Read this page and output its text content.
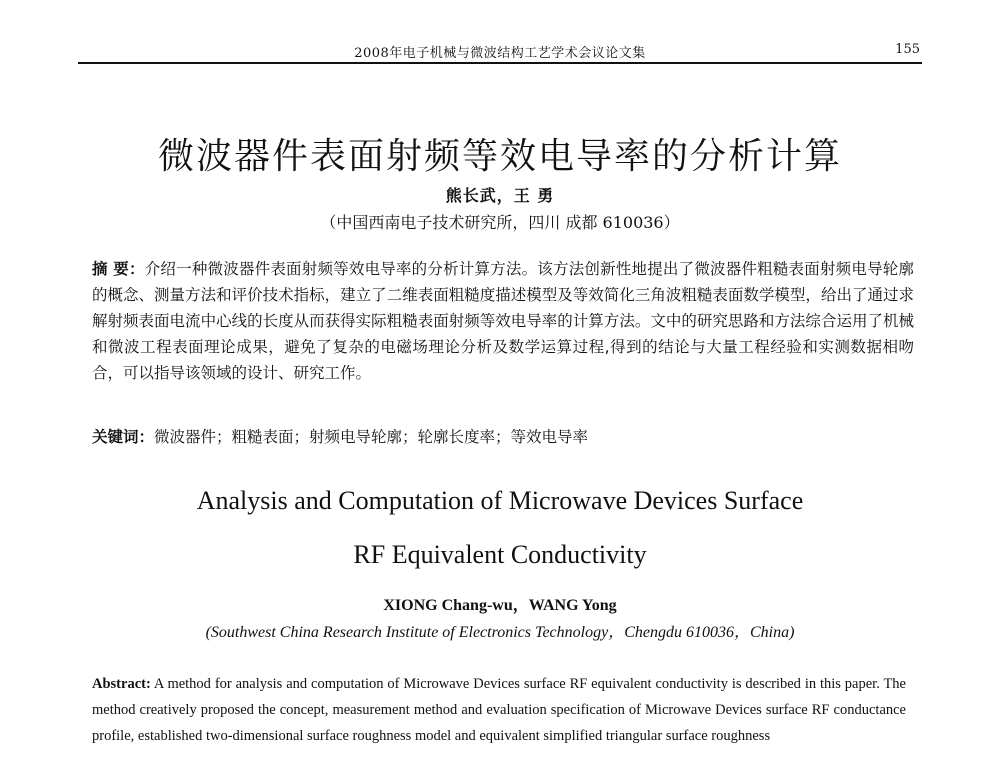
2008年电子机械与微波结构工艺学术会议论文集	155
微波器件表面射频等效电导率的分析计算
熊长武，王 勇
（中国西南电子技术研究所，四川 成都 610036）
摘 要：介绍一种微波器件表面射频等效电导率的分析计算方法。该方法创新性地提出了微波器件粗糙表面射频电导轮廓的概念、测量方法和评价技术指标，建立了二维表面粗糙度描述模型及等效简化三角波粗糙表面数学模型，给出了通过求解射频表面电流中心线的长度从而获得实际粗糙表面射频等效电导率的计算方法。文中的研究思路和方法综合运用了机械和微波工程表面理论成果，避免了复杂的电磁场理论分析及数学运算过程,得到的结论与大量工程经验和实测数据相吻合，可以指导该领域的设计、研究工作。
关键词：微波器件；粗糙表面；射频电导轮廓；轮廓长度率；等效电导率
Analysis and Computation of Microwave Devices Surface
RF Equivalent Conductivity
XIONG Chang-wu，WANG Yong
(Southwest China Research Institute of Electronics Technology，Chengdu 610036，China)
Abstract: A method for analysis and computation of Microwave Devices surface RF equivalent conductivity is described in this paper. The method creatively proposed the concept, measurement method and evaluation specification of Microwave Devices surface RF conductance profile, established two-dimensional surface roughness model and equivalent simplified triangular surface roughness
